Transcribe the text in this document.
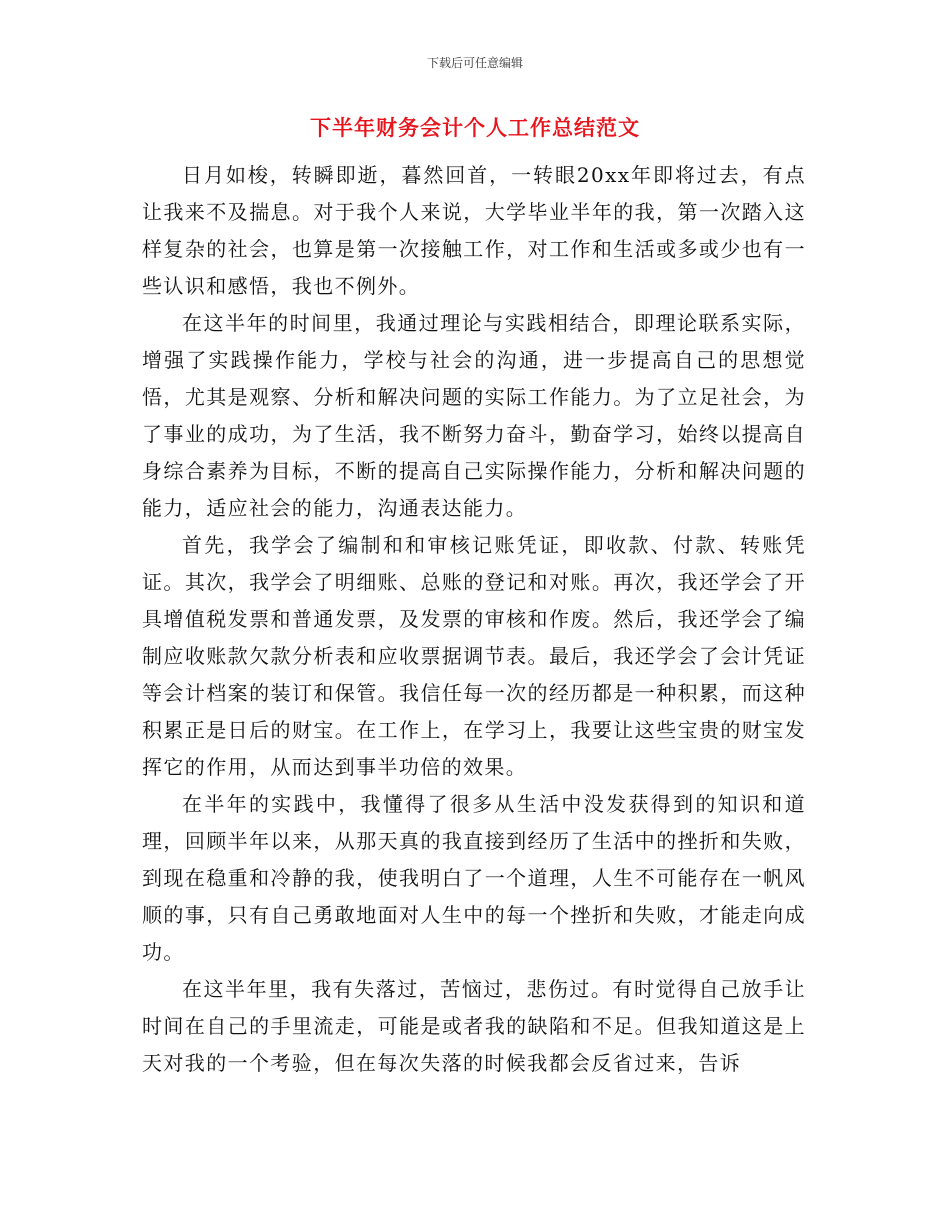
下载后可任意编辑
下半年财务会计个人工作总结范文

日月如梭，转瞬即逝，暮然回首，一转眼20xx年即将过去，有点让我来不及揣息。对于我个人来说，大学毕业半年的我，第一次踏入这样复杂的社会，也算是第一次接触工作，对工作和生活或多或少也有一些认识和感悟，我也不例外。

在这半年的时间里，我通过理论与实践相结合，即理论联系实际，增强了实践操作能力，学校与社会的沟通，进一步提高自己的思想觉悟，尤其是观察、分析和解决问题的实际工作能力。为了立足社会，为了事业的成功，为了生活，我不断努力奋斗，勤奋学习，始终以提高自身综合素养为目标，不断的提高自己实际操作能力，分析和解决问题的能力，适应社会的能力，沟通表达能力。

首先，我学会了编制和和审核记账凭证，即收款、付款、转账凭证。其次，我学会了明细账、总账的登记和对账。再次，我还学会了开具增值税发票和普通发票，及发票的审核和作废。然后，我还学会了编制应收账款欠款分析表和应收票据调节表。最后，我还学会了会计凭证等会计档案的装订和保管。我信任每一次的经历都是一种积累，而这种积累正是日后的财宝。在工作上，在学习上，我要让这些宝贵的财宝发挥它的作用，从而达到事半功倍的效果。

在半年的实践中，我懂得了很多从生活中没发获得到的知识和道理，回顾半年以来，从那天真的我直接到经历了生活中的挫折和失败，到现在稳重和冷静的我，使我明白了一个道理，人生不可能存在一帆风顺的事，只有自己勇敢地面对人生中的每一个挫折和失败，才能走向成功。

在这半年里，我有失落过，苦恼过，悲伤过。有时觉得自己放手让时间在自己的手里流走，可能是或者我的缺陷和不足。但我知道这是上天对我的一个考验，但在每次失落的时候我都会反省过来，告诉
